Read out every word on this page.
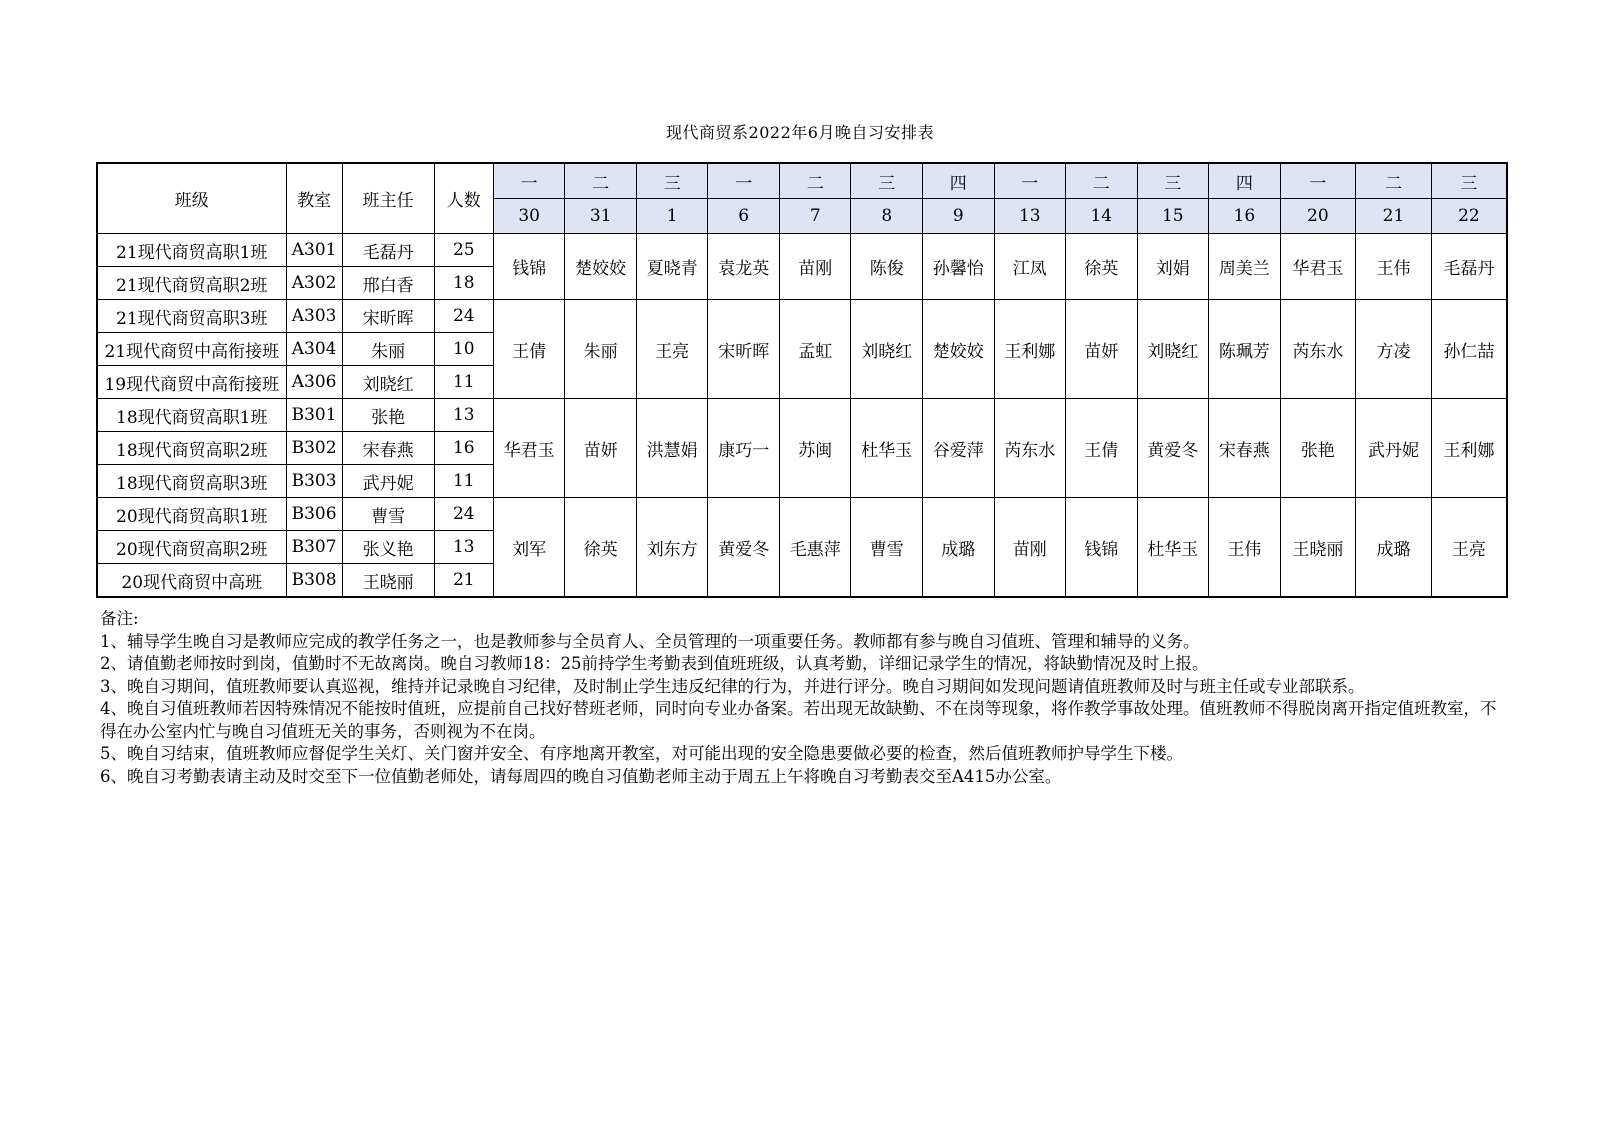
现代商贸系2022年6月晚自习安排表
班级	教室	班主任	人数	一	二	三	一	二	三	四	一	二	三	四	一	二	三
				30	31	1	6	7	8	9	13	14	15	16	20	21	22
21现代商贸高职1班	A301	毛磊丹	25	钱锦	楚姣姣	夏晓青	袁龙英	苗刚	陈俊	孙馨怡	江凤	徐英	刘娟	周美兰	华君玉	王伟	毛磊丹
21现代商贸高职2班	A302	邢白香	18														
21现代商贸高职3班	A303	宋昕晖	24	王倩	朱丽	王亮	宋昕晖	孟虹	刘晓红	楚姣姣	王利娜	苗妍	刘晓红	陈珮芳	芮东水	方凌	孙仁喆
21现代商贸中高衔接班	A304	朱丽	10														
19现代商贸中高衔接班	A306	刘晓红	11														
18现代商贸高职1班	B301	张艳	13	华君玉	苗妍	洪慧娟	康巧一	苏闽	杜华玉	谷爱萍	芮东水	王倩	黄爱冬	宋春燕	张艳	武丹妮	王利娜
18现代商贸高职2班	B302	宋春燕	16														
18现代商贸高职3班	B303	武丹妮	11														
20现代商贸高职1班	B306	曹雪	24	刘军	徐英	刘东方	黄爱冬	毛惠萍	曹雪	成璐	苗刚	钱锦	杜华玉	王伟	王晓丽	成璐	王亮
20现代商贸高职2班	B307	张义艳	13														
20现代商贸中高班	B308	王晓丽	21														
备注:
1、辅导学生晚自习是教师应完成的教学任务之一，也是教师参与全员育人、全员管理的一项重要任务。教师都有参与晚自习值班、管理和辅导的义务。
2、请值勤老师按时到岗，值勤时不无故离岗。晚自习教师18：25前持学生考勤表到值班班级，认真考勤，详细记录学生的情况，将缺勤情况及时上报。
3、晚自习期间，值班教师要认真巡视，维持并记录晚自习纪律，及时制止学生违反纪律的行为，并进行评分。晚自习期间如发现问题请值班教师及时与班主任或专业部联系。
4、晚自习值班教师若因特殊情况不能按时值班，应提前自己找好替班老师，同时向专业办备案。若出现无故缺勤、不在岗等现象，将作教学事故处理。值班教师不得脱岗离开指定值班教室，不得在办公室内忙与晚自习值班无关的事务，否则视为不在岗。
5、晚自习结束，值班教师应督促学生关灯、关门窗并安全、有序地离开教室，对可能出现的安全隐患要做必要的检查，然后值班教师护导学生下楼。
6、晚自习考勤表请主动及时交至下一位值勤老师处，请每周四的晚自习值勤老师主动于周五上午将晚自习考勤表交至A415办公室。
